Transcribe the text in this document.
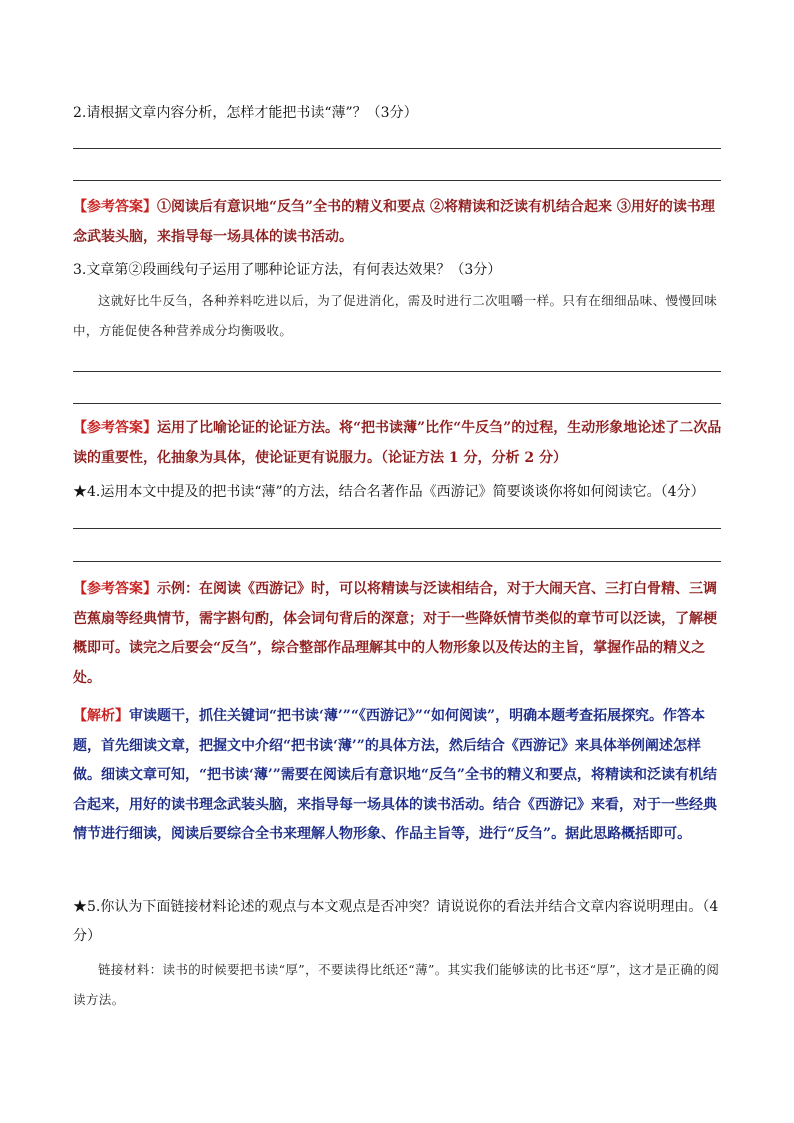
2.请根据文章内容分析，怎样才能把书读“薄”？（3分）
【参考答案】①阅读后有意识地“反刍”全书的精义和要点 ②将精读和泛读有机结合起来 ③用好的读书理念武装头脑，来指导每一场具体的读书活动。
3.文章第②段画线句子运用了哪种论证方法，有何表达效果？（3分）
这就好比牛反刍，各种养料吃进以后，为了促进消化，需及时进行二次咀嚼一样。只有在细细品味、慢慢回味中，方能促使各种营养成分均衡吸收。
【参考答案】运用了比喻论证的论证方法。将“把书读薄”比作“牛反刍”的过程，生动形象地论述了二次品读的重要性，化抽象为具体，使论证更有说服力。（论证方法 1 分，分析 2 分）
★4.运用本文中提及的把书读“薄”的方法，结合名著作品《西游记》简要谈谈你将如何阅读它。（4分）
【参考答案】示例：在阅读《西游记》时，可以将精读与泛读相结合，对于大闹天宫、三打白骨精、三调芭蕉扇等经典情节，需字斟句酌，体会词句背后的深意；对于一些降妖情节类似的章节可以泛读，了解梗概即可。读完之后要会“反刍”，综合整部作品理解其中的人物形象以及传达的主旨，掌握作品的精义之处。
【解析】审读题干，抓住关键词“把书读‘薄’”“《西游记》”“如何阅读”，明确本题考查拓展探究。作答本题，首先细读文章，把握文中介绍“把书读‘薄’”的具体方法，然后结合《西游记》来具体举例阐述怎样做。细读文章可知，“把书读‘薄’”需要在阅读后有意识地“反刍”全书的精义和要点，将精读和泛读有机结合起来，用好的读书理念武装头脑，来指导每一场具体的读书活动。结合《西游记》来看，对于一些经典情节进行细读，阅读后要综合全书来理解人物形象、作品主旨等，进行“反刍”。据此思路概括即可。
★5.你认为下面链接材料论述的观点与本文观点是否冲突？请说说你的看法并结合文章内容说明理由。（4分）
链接材料：读书的时候要把书读“厚”，不要读得比纸还“薄”。其实我们能够读的比书还“厚”，这才是正确的阅读方法。
